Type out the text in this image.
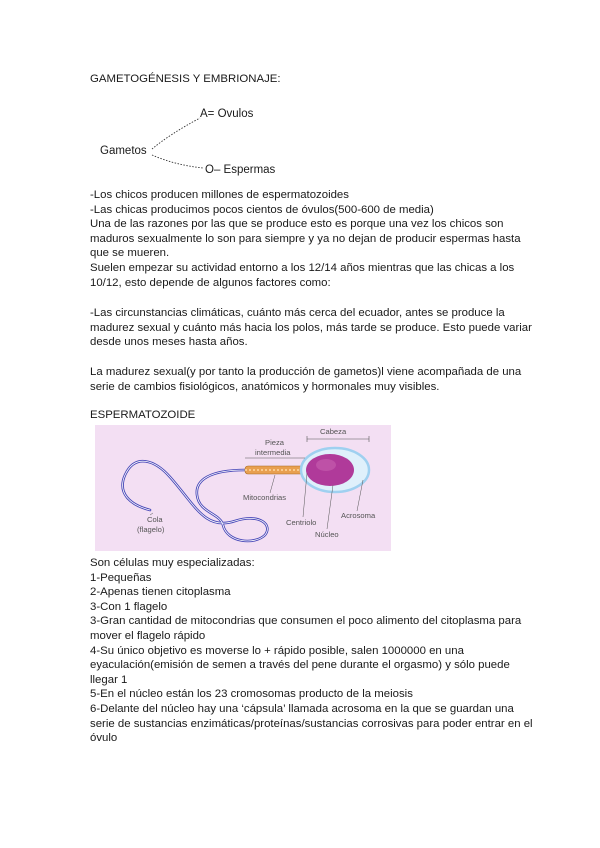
GAMETOGÉNESIS Y EMBRIONAJE:
Gametos
A= Ovulos
O– Espermas

-Los chicos producen millones de espermatozoides

-Las chicas producimos pocos cientos de óvulos(500-600 de media)

Una de las razones por las que se produce esto es porque una vez los chicos son

maduros sexualmente lo son para siempre y ya no dejan de producir espermas hasta

que se mueren.

Suelen empezar su actividad entorno a los 12/14 años mientras que las chicas a los

10/12, esto depende de algunos factores como:

-Las circunstancias climáticas, cuánto más cerca del ecuador, antes se produce la

madurez sexual y cuánto más hacia los polos, más tarde se produce. Esto puede variar

desde unos meses hasta años.

La madurez sexual(y por tanto la producción de gametos)l viene acompañada de una

serie de cambios fisiológicos, anatómicos y hormonales muy visibles.

ESPERMATOZOIDE
Cabeza
Pieza
intermedia
Mitocondrias
Cola
(flagelo)
Acrosoma
Centriolo
Núcleo

Son células muy especializadas:

1-Pequeñas

2-Apenas tienen citoplasma

3-Con 1 flagelo

3-Gran cantidad de mitocondrias que consumen el poco alimento del citoplasma para

mover el flagelo rápido

4-Su único objetivo es moverse lo + rápido posible, salen 1000000 en una

eyaculación(emisión de semen a través del pene durante el orgasmo) y sólo puede

llegar 1

5-En el núcleo están los 23 cromosomas producto de la meiosis

6-Delante del núcleo hay una ‘cápsula’ llamada acrosoma en la que se guardan una

serie de sustancias enzimáticas/proteínas/sustancias corrosivas para poder entrar en el

óvulo
